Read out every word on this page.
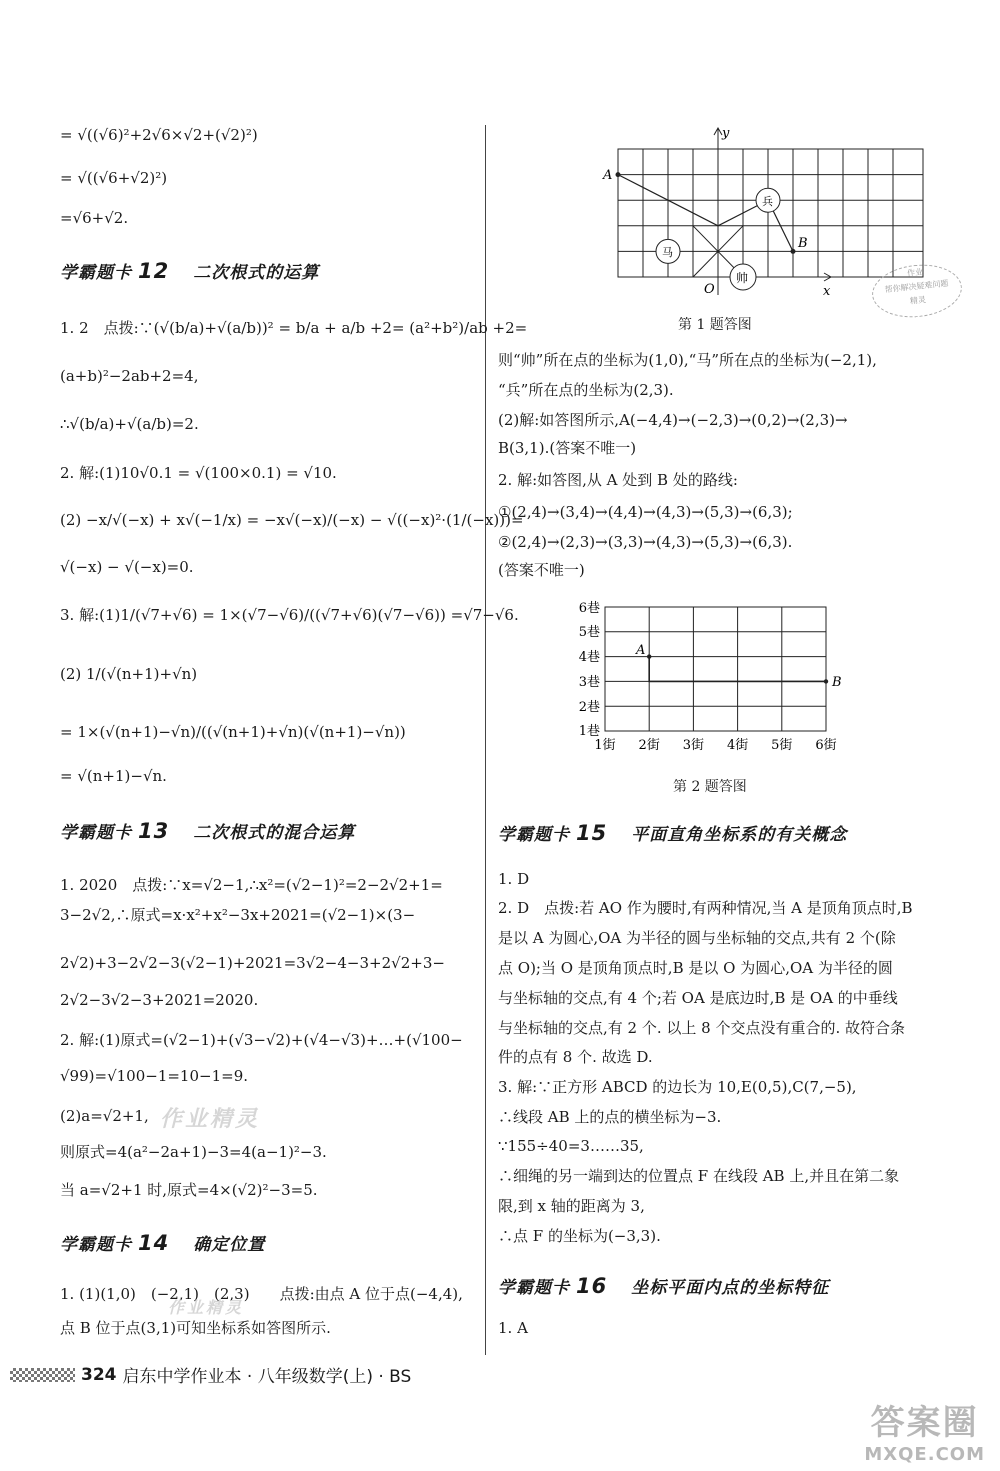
= √((√6)²+2√6×√2+(√2)²)
= √((√6+√2)²)
=√6+√2.
学霸题卡 12 二次根式的运算
1. 2　点拨:∵(√(b/a)+√(a/b))² = b/a + a/b +2= (a²+b²)/ab +2=
(a+b)²−2ab+2=4,
∴√(b/a)+√(a/b)=2.
2. 解:(1)10√0.1 = √(100×0.1) = √10.
(2) −x/√(−x) + x√(−1/x) = −x√(−x)/(−x) − √((−x)²·(1/(−x)))=
√(−x) − √(−x)=0.
3. 解:(1)1/(√7+√6) = 1×(√7−√6)/((√7+√6)(√7−√6)) =√7−√6.
(2) 1/(√(n+1)+√n)
= 1×(√(n+1)−√n)/((√(n+1)+√n)(√(n+1)−√n))
= √(n+1)−√n.
学霸题卡 13 二次根式的混合运算
1. 2020　点拨:∵x=√2−1,∴x²=(√2−1)²=2−2√2+1=
3−2√2,∴原式=x·x²+x²−3x+2021=(√2−1)×(3−
2√2)+3−2√2−3(√2−1)+2021=3√2−4−3+2√2+3−
2√2−3√2−3+2021=2020.
2. 解:(1)原式=(√2−1)+(√3−√2)+(√4−√3)+…+(√100−
√99)=√100−1=10−1=9.
(2)a=√2+1,
则原式=4(a²−2a+1)−3=4(a−1)²−3.
当 a=√2+1 时,原式=4×(√2)²−3=5.
学霸题卡 14 确定位置
1. (1)(1,0)　(−2,1)　(2,3)　　点拨:由点 A 位于点(−4,4),
点 B 位于点(3,1)可知坐标系如答图所示.
作业精灵
作业精灵
y
x
O
A
B
帅
马
兵
第 1 题答图
则“帅”所在点的坐标为(1,0),“马”所在点的坐标为(−2,1),
“兵”所在点的坐标为(2,3).
(2)解:如答图所示,A(−4,4)→(−2,3)→(0,2)→(2,3)→
B(3,1).(答案不唯一)
2. 解:如答图,从 A 处到 B 处的路线:
①(2,4)→(3,4)→(4,4)→(4,3)→(5,3)→(6,3);
②(2,4)→(2,3)→(3,3)→(4,3)→(5,3)→(6,3).
(答案不唯一)
6巷
5巷
4巷
3巷
2巷
1巷
1街 2街 3街 4街 5街 6街
A
B
第 2 题答图
学霸题卡 15 平面直角坐标系的有关概念
1. D
2. D　点拨:若 AO 作为腰时,有两种情况,当 A 是顶角顶点时,B
是以 A 为圆心,OA 为半径的圆与坐标轴的交点,共有 2 个(除
点 O);当 O 是顶角顶点时,B 是以 O 为圆心,OA 为半径的圆
与坐标轴的交点,有 4 个;若 OA 是底边时,B 是 OA 的中垂线
与坐标轴的交点,有 2 个. 以上 8 个交点没有重合的. 故符合条
件的点有 8 个. 故选 D.
3. 解:∵正方形 ABCD 的边长为 10,E(0,5),C(7,−5),
∴线段 AB 上的点的横坐标为−3.
∵155÷40=3……35,
∴细绳的另一端到达的位置点 F 在线段 AB 上,并且在第二象
限,到 x 轴的距离为 3,
∴点 F 的坐标为(−3,3).
学霸题卡 16 坐标平面内点的坐标特征
1. A
作业
帮你解决疑难问题
精灵
324 启东中学作业本 · 八年级数学(上) · BS
答案圈
MXQE.COM
